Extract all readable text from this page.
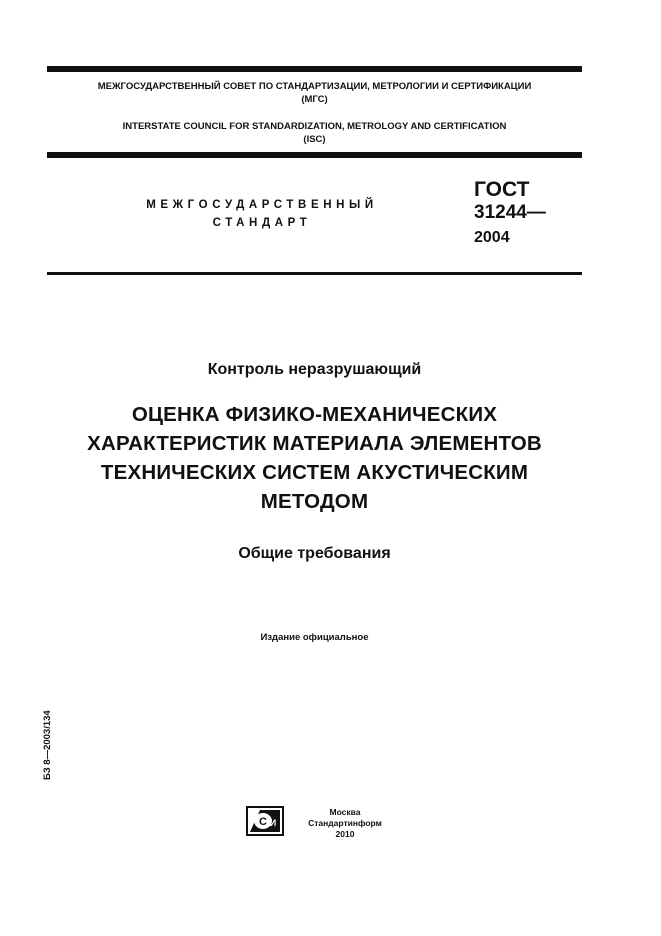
МЕЖГОСУДАРСТВЕННЫЙ СОВЕТ ПО СТАНДАРТИЗАЦИИ, МЕТРОЛОГИИ И СЕРТИФИКАЦИИ
(МГС)
INTERSTATE COUNCIL FOR STANDARDIZATION, METROLOGY AND CERTIFICATION
(ISC)
МЕЖГОСУДАРСТВЕННЫЙ
СТАНДАРТ
ГОСТ
31244—
2004
Контроль неразрушающий
ОЦЕНКА ФИЗИКО-МЕХАНИЧЕСКИХ
ХАРАКТЕРИСТИК МАТЕРИАЛА ЭЛЕМЕНТОВ
ТЕХНИЧЕСКИХ СИСТЕМ АКУСТИЧЕСКИМ
МЕТОДОМ
Общие требования
Издание официальное
БЗ 8—2003/134
С И
Москва
Стандартинформ
2010
